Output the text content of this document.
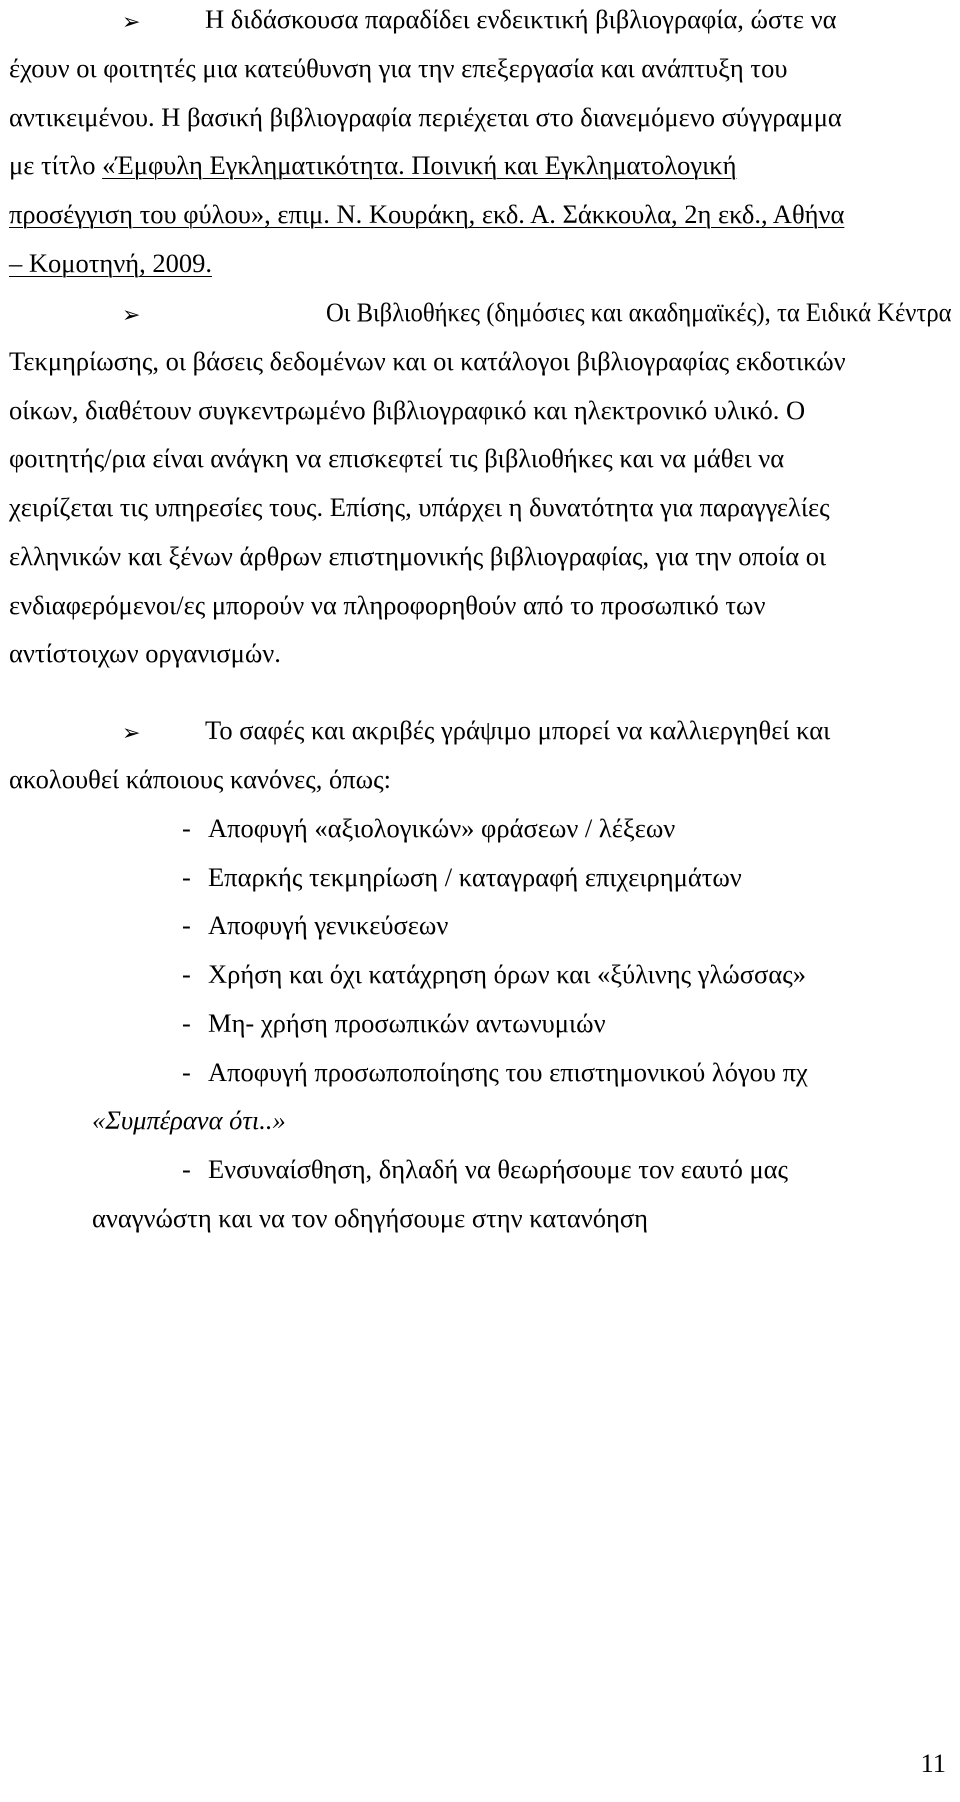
➢ Η διδάσκουσα παραδίδει ενδεικτική βιβλιογραφία, ώστε να
έχουν οι φοιτητές μια κατεύθυνση για την επεξεργασία και ανάπτυξη του
αντικειμένου. Η βασική βιβλιογραφία περιέχεται στο διανεμόμενο σύγγραμμα
με τίτλο «Έμφυλη Εγκληματικότητα. Ποινική και Εγκληματολογική
προσέγγιση του φύλου», επιμ. Ν. Κουράκη, εκδ. Α. Σάκκουλα, 2η εκδ., Αθήνα
– Κομοτηνή, 2009.
➢	Οι Βιβλιοθήκες (δημόσιες και ακαδημαϊκές), τα Ειδικά Κέντρα
Τεκμηρίωσης, οι βάσεις δεδομένων και οι κατάλογοι βιβλιογραφίας εκδοτικών
οίκων, διαθέτουν συγκεντρωμένο βιβλιογραφικό και ηλεκτρονικό υλικό. Ο
φοιτητής/ρια είναι ανάγκη να επισκεφτεί τις βιβλιοθήκες και να μάθει να
χειρίζεται τις υπηρεσίες τους. Επίσης, υπάρχει η δυνατότητα για παραγγελίες
ελληνικών και ξένων άρθρων επιστημονικής βιβλιογραφίας, για την οποία οι
ενδιαφερόμενοι/ες μπορούν να πληροφορηθούν από το προσωπικό των
αντίστοιχων οργανισμών.
➢ Το σαφές και ακριβές γράψιμο μπορεί να καλλιεργηθεί και
ακολουθεί κάποιους κανόνες, όπως:
- Αποφυγή «αξιολογικών» φράσεων / λέξεων
- Επαρκής τεκμηρίωση / καταγραφή επιχειρημάτων
- Αποφυγή γενικεύσεων
- Χρήση και όχι κατάχρηση όρων και «ξύλινης γλώσσας»
- Μη- χρήση προσωπικών αντωνυμιών
- Αποφυγή προσωποποίησης του επιστημονικού λόγου πχ
«Συμπέρανα ότι..»
- Ενσυναίσθηση, δηλαδή να θεωρήσουμε τον εαυτό μας
αναγνώστη και να τον οδηγήσουμε στην κατανόηση
11
